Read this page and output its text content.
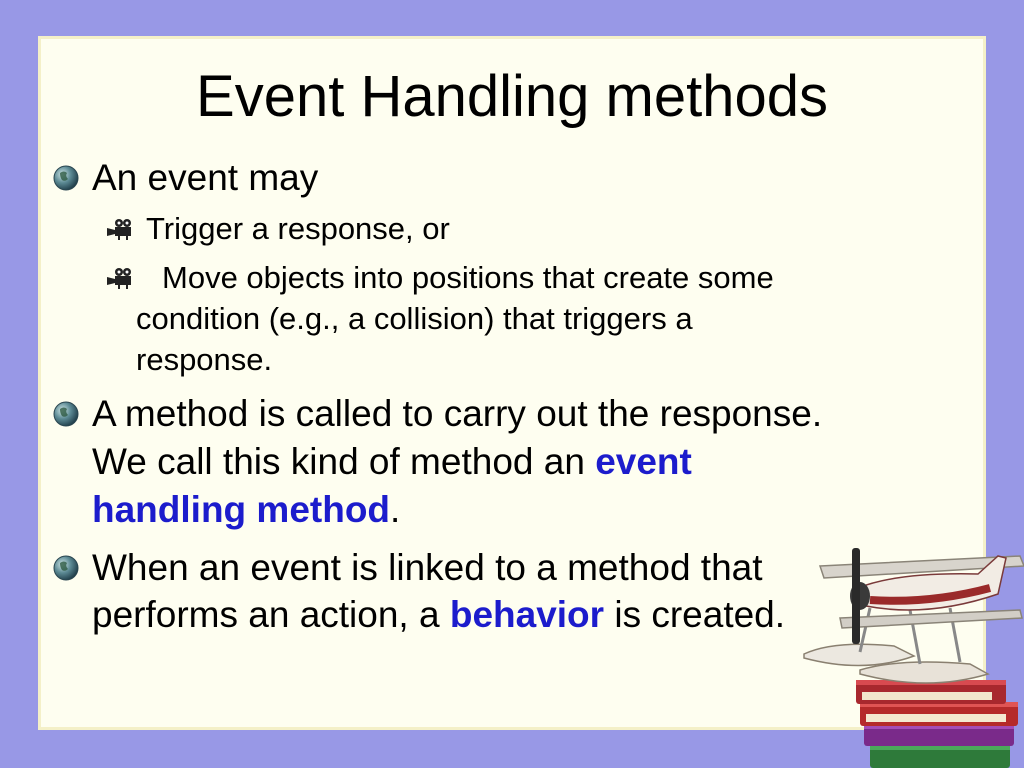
Event Handling methods
An event may
Trigger a response, or
Move objects into positions that create some
condition (e.g., a collision) that triggers a
response.
A method is called to carry out the response.
We call this kind of method an event
handling method.
When an event is linked to a method that
performs an action, a behavior is created.
